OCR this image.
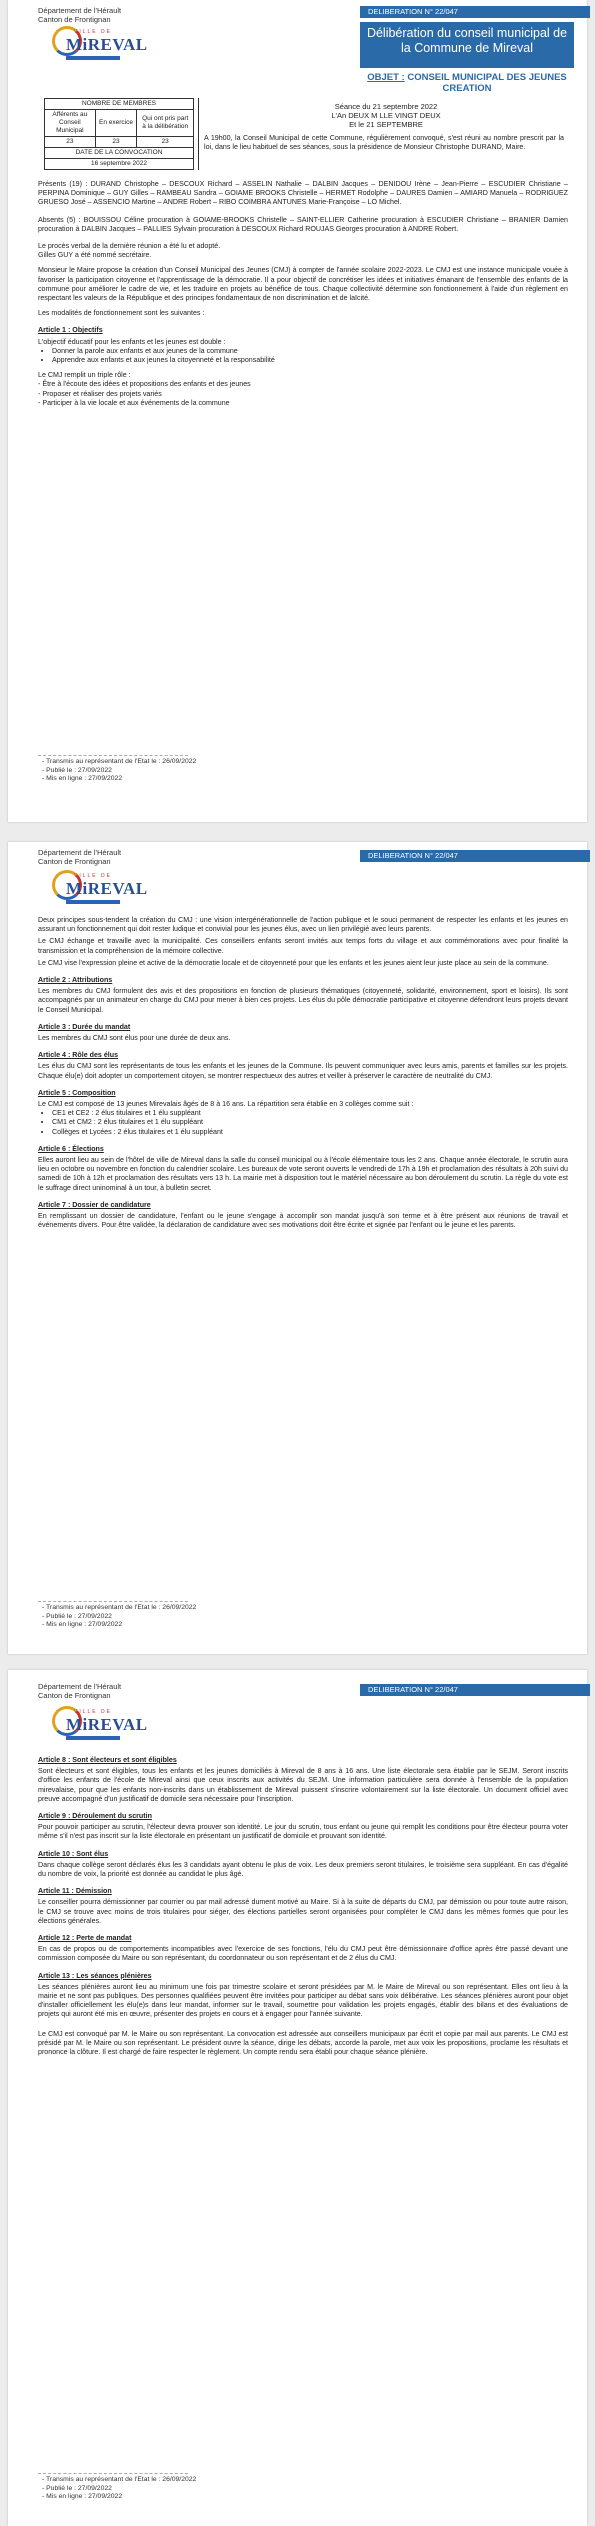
Département de l'Hérault
Canton de Frontignan
VILLE DE
MiREVAL
DELIBERATION N° 22/047
Délibération du conseil municipal de la Commune de Mireval
OBJET : CONSEIL MUNICIPAL DES JEUNES CREATION
NOMBRE DE MEMBRES		
Afférents au Conseil Municipal	En exercice	Qui ont pris part à la délibération
23	23	23
DATE DE LA CONVOCATION		
16 septembre 2022		
Séance du 21 septembre 2022
L'An DEUX M LLE VINGT DEUX
Et le 21 SEPTEMBRE
A 19h00, la Conseil Municipal de cette Commune, régulièrement convoqué, s'est réuni au nombre prescrit par la loi, dans le lieu habituel de ses séances, sous la présidence de Monsieur Christophe DURAND, Maire.

Présents (19) : DURAND Christophe – DESCOUX Richard – ASSELIN Nathalie – DALBIN Jacques – DENIDOU Irène – Jean-Pierre – ESCUDIER Christiane – PERPINA Dominique – GUY Gilles – RAMBEAU Sandra – GOIAME BROOKS Christelle – HERMET Rodolphe – DAURES Damien – AMIARD Manuela – RODRIGUEZ GRUESO José – ASSENCIO Martine – ANDRE Robert – RIBO COIMBRA ANTUNES Marie-Françoise – LO Michel.

Absents (5) : BOUISSOU Céline procuration à GOIAME-BROOKS Christelle – SAINT-ELLIER Catherine procuration à ESCUDIER Christiane – BRANIER Damien procuration à DALBIN Jacques – PALLIES Sylvain procuration à DESCOUX Richard ROUJAS Georges procuration à ANDRE Robert.

Le procès verbal de la dernière réunion a été lu et adopté.

Gilles GUY a été nommé secrétaire.

Monsieur le Maire propose la création d'un Conseil Municipal des Jeunes (CMJ) à compter de l'année scolaire 2022-2023. Le CMJ est une instance municipale vouée à favoriser la participation citoyenne et l'apprentissage de la démocratie. Il a pour objectif de concrétiser les idées et initiatives émanant de l'ensemble des enfants de la commune pour améliorer le cadre de vie, et les traduire en projets au bénéfice de tous. Chaque collectivité détermine son fonctionnement à l'aide d'un règlement en respectant les valeurs de la République et des principes fondamentaux de non discrimination et de laïcité.

Les modalités de fonctionnement sont les suivantes :

Article 1 : Objectifs

L'objectif éducatif pour les enfants et les jeunes est double :

• Donner la parole aux enfants et aux jeunes de la commune
• Apprendre aux enfants et aux jeunes la citoyenneté et la responsabilité

Le CMJ remplit un triple rôle :

- Être à l'écoute des idées et propositions des enfants et des jeunes
- Proposer et réaliser des projets variés
- Participer à la vie locale et aux événements de la commune
- Transmis au représentant de l'Etat le : 26/09/2022
- Publié le : 27/09/2022
- Mis en ligne : 27/09/2022
Département de l'Hérault
Canton de Frontignan
VILLE DE
MiREVAL
DELIBERATION N° 22/047

Deux principes sous-tendent la création du CMJ : une vision intergénérationnelle de l'action publique et le souci permanent de respecter les enfants et les jeunes en assurant un fonctionnement qui doit rester ludique et convivial pour les jeunes élus, avec un lien privilégié avec leurs parents.

Le CMJ échange et travaille avec la municipalité. Ces conseillers enfants seront invités aux temps forts du village et aux commémorations avec pour finalité la transmission et la compréhension de la mémoire collective.

Le CMJ vise l'expression pleine et active de la démocratie locale et de citoyenneté pour que les enfants et les jeunes aient leur juste place au sein de la commune.

Article 2 : Attributions

Les membres du CMJ formulent des avis et des propositions en fonction de plusieurs thématiques (citoyenneté, solidarité, environnement, sport et loisirs). Ils sont accompagnés par un animateur en charge du CMJ pour mener à bien ces projets. Les élus du pôle démocratie participative et citoyenne défendront leurs projets devant le Conseil Municipal.

Article 3 : Durée du mandat

Les membres du CMJ sont élus pour une durée de deux ans.

Article 4 : Rôle des élus

Les élus du CMJ sont les représentants de tous les enfants et les jeunes de la Commune. Ils peuvent communiquer avec leurs amis, parents et familles sur les projets. Chaque élu(e) doit adopter un comportement citoyen, se montrer respectueux des autres et veiller à préserver le caractère de neutralité du CMJ.

Article 5 : Composition

Le CMJ est composé de 13 jeunes Mirevalais âgés de 8 à 16 ans. La répartition sera établie en 3 collèges comme suit :

• CE1 et CE2 : 2 élus titulaires et 1 élu suppléant
• CM1 et CM2 : 2 élus titulaires et 1 élu suppléant
• Collèges et Lycées : 2 élus titulaires et 1 élu suppléant
Article 6 : Élections

Elles auront lieu au sein de l'hôtel de ville de Mireval dans la salle du conseil municipal ou à l'école élémentaire tous les 2 ans. Chaque année électorale, le scrutin aura lieu en octobre ou novembre en fonction du calendrier scolaire. Les bureaux de vote seront ouverts le vendredi de 17h à 19h et proclamation des résultats à 20h suivi du samedi de 10h à 12h et proclamation des résultats vers 13 h. La mairie met à disposition tout le matériel nécessaire au bon déroulement du scrutin. La règle du vote est le suffrage direct uninominal à un tour, à bulletin secret.

Article 7 : Dossier de candidature

En remplissant un dossier de candidature, l'enfant ou le jeune s'engage à accomplir son mandat jusqu'à son terme et à être présent aux réunions de travail et événements divers. Pour être validée, la déclaration de candidature avec ses motivations doit être écrite et signée par l'enfant ou le jeune et les parents.

- Transmis au représentant de l'Etat le : 26/09/2022
- Publié le : 27/09/2022
- Mis en ligne : 27/09/2022
Département de l'Hérault
Canton de Frontignan
VILLE DE
MiREVAL
DELIBERATION N° 22/047
Article 8 : Sont électeurs et sont éligibles

Sont électeurs et sont éligibles, tous les enfants et les jeunes domiciliés à Mireval de 8 ans à 16 ans. Une liste électorale sera établie par le SEJM. Seront inscrits d'office les enfants de l'école de Mireval ainsi que ceux inscrits aux activités du SEJM. Une information particulière sera donnée à l'ensemble de la population mirevalaise, pour que les enfants non-inscrits dans un établissement de Mireval puissent s'inscrire volontairement sur la liste électorale. Un document officiel avec preuve accompagné d'un justificatif de domicile sera nécessaire pour l'inscription.

Article 9 : Déroulement du scrutin

Pour pouvoir participer au scrutin, l'électeur devra prouver son identité. Le jour du scrutin, tous enfant ou jeune qui remplit les conditions pour être électeur pourra voter même s'il n'est pas inscrit sur la liste électorale en présentant un justificatif de domicile et prouvant son identité.

Article 10 : Sont élus

Dans chaque collège seront déclarés élus les 3 candidats ayant obtenu le plus de voix. Les deux premiers seront titulaires, le troisième sera suppléant. En cas d'égalité du nombre de voix, la priorité est donnée au candidat le plus âgé.

Article 11 : Démission

Le conseiller pourra démissionner par courrier ou par mail adressé dument motivé au Maire. Si à la suite de départs du CMJ, par démission ou pour toute autre raison, le CMJ se trouve avec moins de trois titulaires pour siéger, des élections partielles seront organisées pour compléter le CMJ dans les mêmes formes que pour les élections générales.

Article 12 : Perte de mandat

En cas de propos ou de comportements incompatibles avec l'exercice de ses fonctions, l'élu du CMJ peut être démissionnaire d'office après être passé devant une commission composée du Maire ou son représentant, du coordonnateur ou son représentant et de 2 élus du CMJ.

Article 13 : Les séances plénières

Les séances plénières auront lieu au minimum une fois par trimestre scolaire et seront présidées par M. le Maire de Mireval ou son représentant. Elles ont lieu à la mairie et ne sont pas publiques. Des personnes qualifiées peuvent être invitées pour participer au débat sans voix délibérative. Les séances plénières auront pour objet d'installer officiellement les élu(e)s dans leur mandat, informer sur le travail, soumettre pour validation les projets engagés, établir des bilans et des évaluations de projets qui auront été mis en œuvre, présenter des projets en cours et à engager pour l'année suivante.

Le CMJ est convoqué par M. le Maire ou son représentant. La convocation est adressée aux conseillers municipaux par écrit et copie par mail aux parents. Le CMJ est présidé par M. le Maire ou son représentant. Le président ouvre la séance, dirige les débats, accorde la parole, met aux voix les propositions, proclame les résultats et prononce la clôture. Il est chargé de faire respecter le règlement. Un compte rendu sera établi pour chaque séance plénière.

- Transmis au représentant de l'Etat le : 26/09/2022
- Publié le : 27/09/2022
- Mis en ligne : 27/09/2022
